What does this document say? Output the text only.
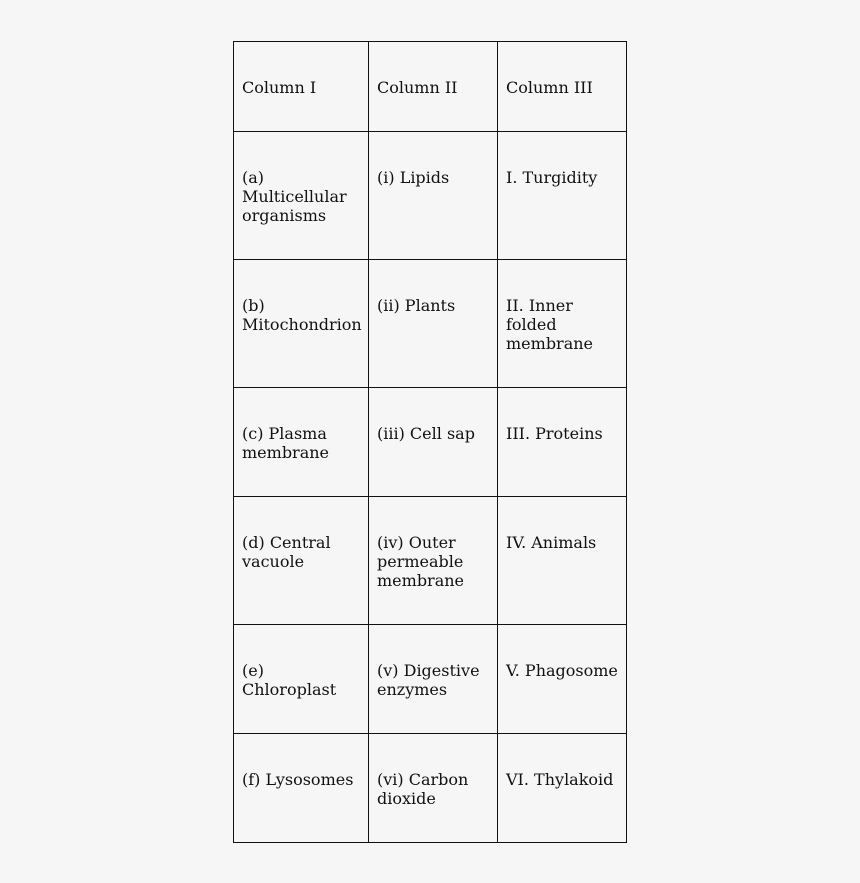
Column I	Column II	Column III
(a) Multicellular organisms	(i) Lipids	I. Turgidity
(b) Mitochondrion	(ii) Plants	II. Inner folded membrane
(c) Plasma membrane	(iii) Cell sap	III. Proteins
(d) Central vacuole	(iv) Outer permeable membrane	IV. Animals
(e) Chloroplast	(v) Digestive enzymes	V. Phagosome
(f) Lysosomes	(vi) Carbon dioxide	VI. Thylakoid
